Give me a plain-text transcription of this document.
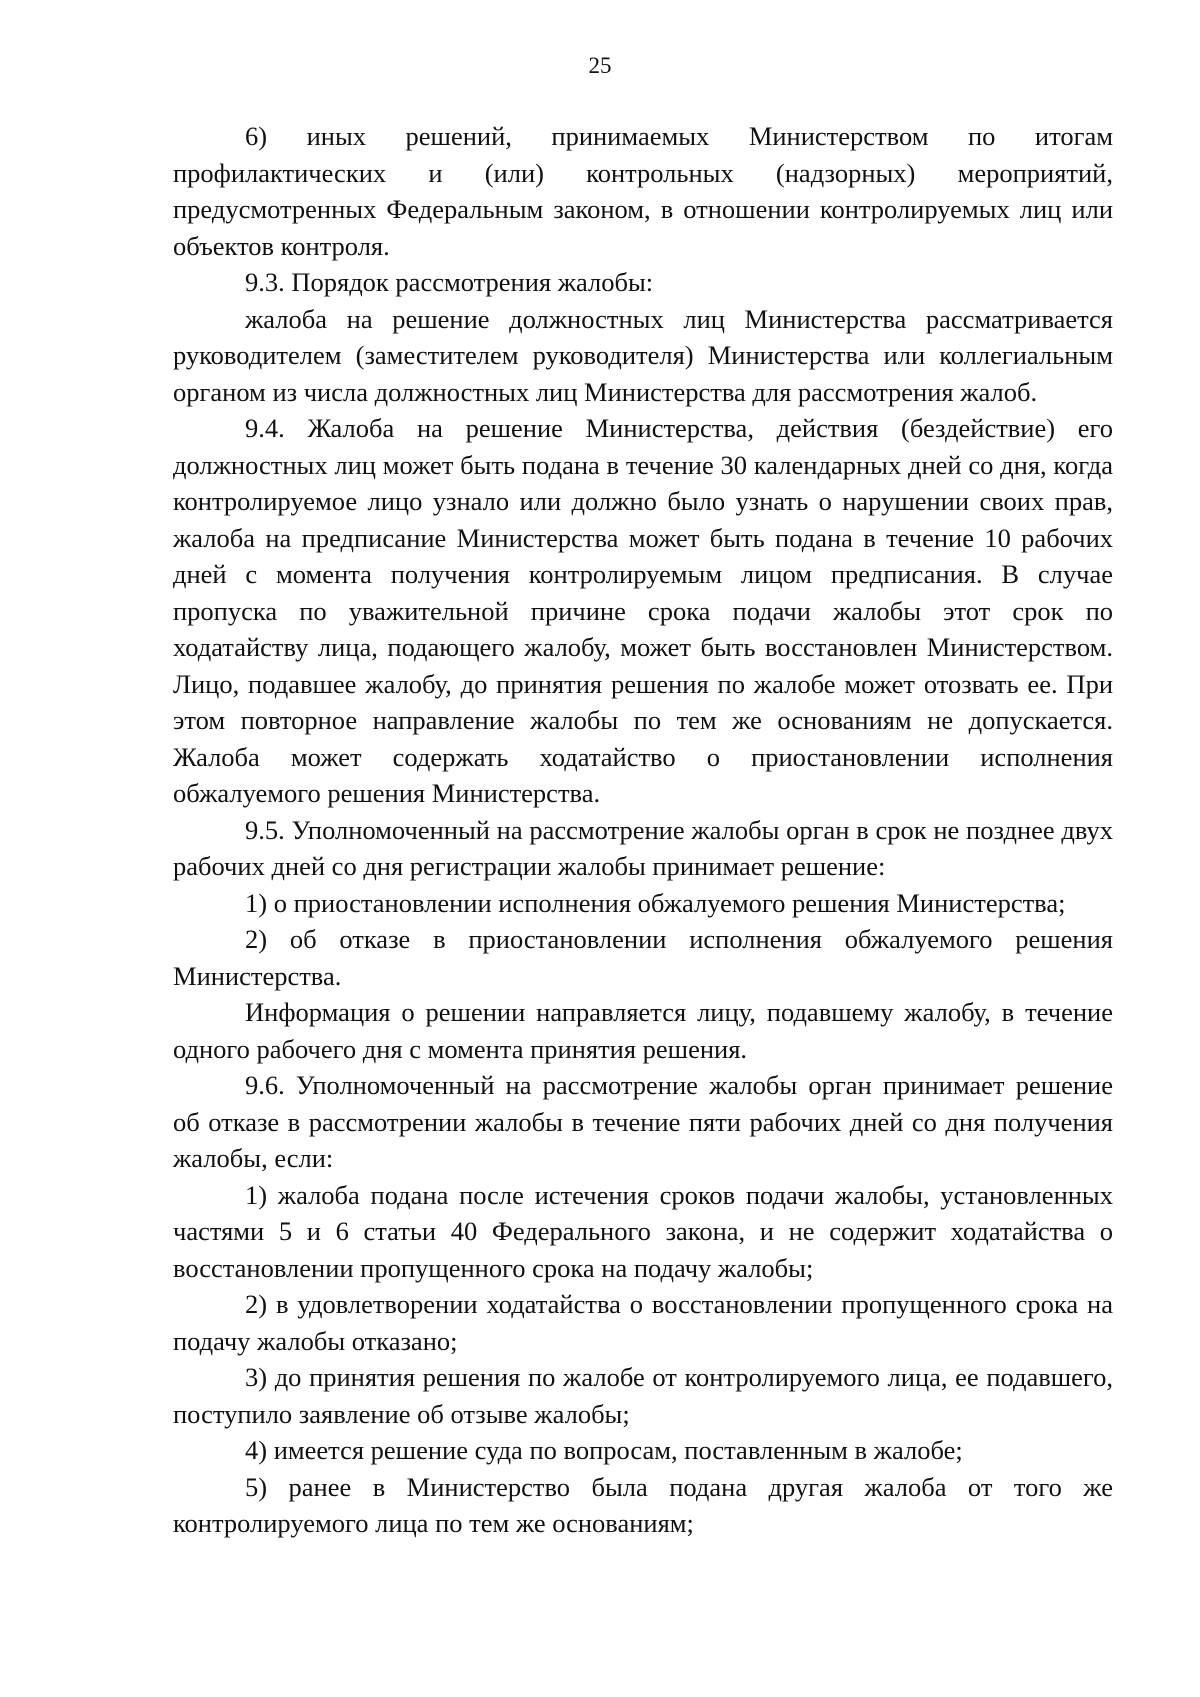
25

6) иных решений, принимаемых Министерством по итогам профилактических и (или) контрольных (надзорных) мероприятий, предусмотренных Федеральным законом, в отношении контролируемых лиц или объектов контроля.

9.3. Порядок рассмотрения жалобы:

жалоба на решение должностных лиц Министерства рассматривается руководителем (заместителем руководителя) Министерства или коллегиальным органом из числа должностных лиц Министерства для рассмотрения жалоб.

9.4. Жалоба на решение Министерства, действия (бездействие) его должностных лиц может быть подана в течение 30 календарных дней со дня, когда контролируемое лицо узнало или должно было узнать о нарушении своих прав, жалоба на предписание Министерства может быть подана в течение 10 рабочих дней с момента получения контролируемым лицом предписания. В случае пропуска по уважительной причине срока подачи жалобы этот срок по ходатайству лица, подающего жалобу, может быть восстановлен Министерством. Лицо, подавшее жалобу, до принятия решения по жалобе может отозвать ее. При этом повторное направление жалобы по тем же основаниям не допускается. Жалоба может содержать ходатайство о приостановлении исполнения обжалуемого решения Министерства.

9.5. Уполномоченный на рассмотрение жалобы орган в срок не позднее двух рабочих дней со дня регистрации жалобы принимает решение:

1) о приостановлении исполнения обжалуемого решения Министерства;

2) об отказе в приостановлении исполнения обжалуемого решения Министерства.

Информация о решении направляется лицу, подавшему жалобу, в течение одного рабочего дня с момента принятия решения.

9.6. Уполномоченный на рассмотрение жалобы орган принимает решение об отказе в рассмотрении жалобы в течение пяти рабочих дней со дня получения жалобы, если:

1) жалоба подана после истечения сроков подачи жалобы, установленных частями 5 и 6 статьи 40 Федерального закона, и не содержит ходатайства о восстановлении пропущенного срока на подачу жалобы;

2) в удовлетворении ходатайства о восстановлении пропущенного срока на подачу жалобы отказано;

3) до принятия решения по жалобе от контролируемого лица, ее подавшего, поступило заявление об отзыве жалобы;

4) имеется решение суда по вопросам, поставленным в жалобе;

5) ранее в Министерство была подана другая жалоба от того же контролируемого лица по тем же основаниям;
